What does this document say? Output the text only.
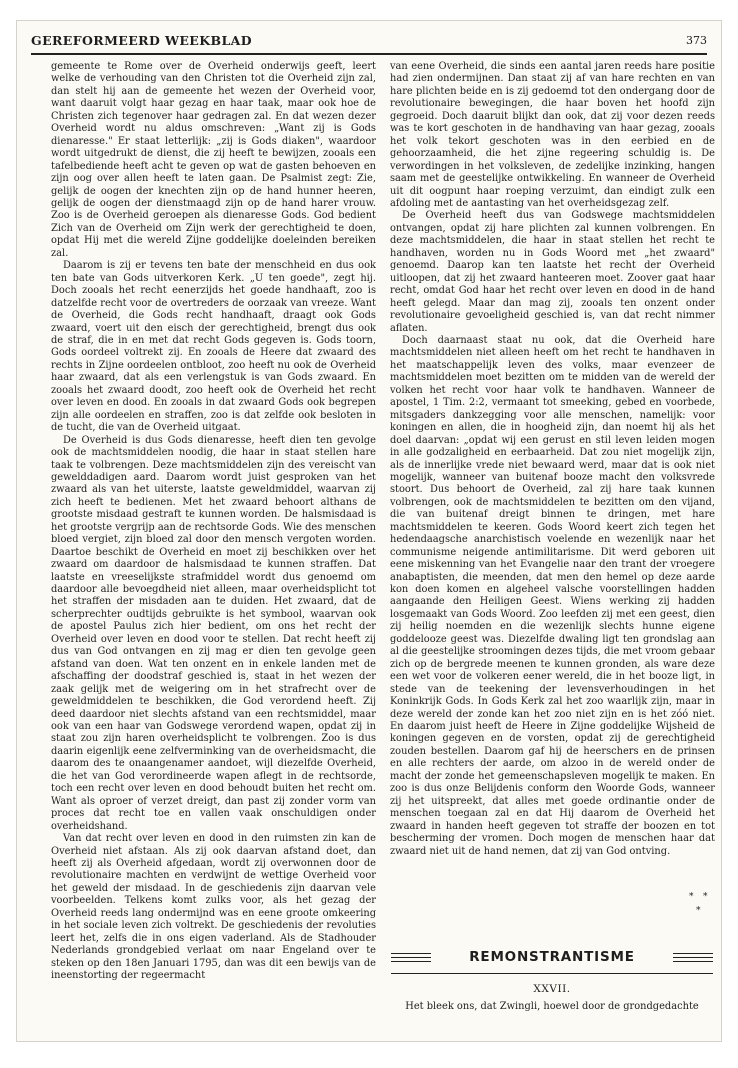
GEREFORMEERD WEEKBLAD	373

gemeente te Rome over de Overheid onderwijs geeft, leert welke de verhouding van den Christen tot die Overheid zijn zal, dan stelt hij aan de gemeente het wezen der Overheid voor, want daaruit volgt haar gezag en haar taak, maar ook hoe de Christen zich tegenover haar gedragen zal. En dat wezen dezer Overheid wordt nu aldus omschreven: „Want zij is Gods dienaresse." Er staat letterlijk: „zij is Gods diaken", waardoor wordt uitgedrukt de dienst, die zij heeft te bewijzen, zooals een tafelbediende heeft acht te geven op wat de gasten behoeven en zijn oog over allen heeft te laten gaan. De Psalmist zegt: Zie, gelijk de oogen der knechten zijn op de hand hunner heeren, gelijk de oogen der dienstmaagd zijn op de hand harer vrouw. Zoo is de Overheid geroepen als dienaresse Gods. God bedient Zich van de Overheid om Zijn werk der gerechtigheid te doen, opdat Hij met die wereld Zijne goddelijke doeleinden bereiken zal.

Daarom is zij er tevens ten bate der menschheid en dus ook ten bate van Gods uitverkoren Kerk. „U ten goede", zegt hij. Doch zooals het recht eenerzijds het goede handhaaft, zoo is datzelfde recht voor de overtreders de oorzaak van vreeze. Want de Overheid, die Gods recht handhaaft, draagt ook Gods zwaard, voert uit den eisch der gerechtigheid, brengt dus ook de straf, die in en met dat recht Gods gegeven is. Gods toorn, Gods oordeel voltrekt zij. En zooals de Heere dat zwaard des rechts in Zijne oordeelen ontbloot, zoo heeft nu ook de Overheid haar zwaard, dat als een verlengstuk is van Gods zwaard. En zooals het zwaard doodt, zoo heeft ook de Overheid het recht over leven en dood. En zooals in dat zwaard Gods ook begrepen zijn alle oordeelen en straffen, zoo is dat zelfde ook besloten in de tucht, die van de Overheid uitgaat.

De Overheid is dus Gods dienaresse, heeft dien ten gevolge ook de machtsmiddelen noodig, die haar in staat stellen hare taak te volbrengen. Deze machtsmiddelen zijn des vereischt van gewelddadigen aard. Daarom wordt juist gesproken van het zwaard als van het uiterste, laatste geweldmiddel, waarvan zij zich heeft te bedienen. Met het zwaard behoort althans de grootste misdaad gestraft te kunnen worden. De halsmisdaad is het grootste vergrijp aan de rechtsorde Gods. Wie des menschen bloed vergiet, zijn bloed zal door den mensch vergoten worden. Daartoe beschikt de Overheid en moet zij beschikken over het zwaard om daardoor de halsmisdaad te kunnen straffen. Dat laatste en vreeselijkste strafmiddel wordt dus genoemd om daardoor alle bevoegdheid niet alleen, maar overheidsplicht tot het straffen der misdaden aan te duiden. Het zwaard, dat de scherprechter oudtijds gebruikte is het symbool, waarvan ook de apostel Paulus zich hier bedient, om ons het recht der Overheid over leven en dood voor te stellen. Dat recht heeft zij dus van God ontvangen en zij mag er dien ten gevolge geen afstand van doen. Wat ten onzent en in enkele landen met de afschaffing der doodstraf geschied is, staat in het wezen der zaak gelijk met de weigering om in het strafrecht over de geweldmiddelen te beschikken, die God verordend heeft. Zij deed daardoor niet slechts afstand van een rechtsmiddel, maar ook van een haar van Godswege verordend wapen, opdat zij in staat zou zijn haren overheidsplicht te volbrengen. Zoo is dus daarin eigenlijk eene zelfverminking van de overheidsmacht, die daarom des te onaangenamer aandoet, wijl diezelfde Overheid, die het van God verordineerde wapen aflegt in de rechtsorde, toch een recht over leven en dood behoudt buiten het recht om. Want als oproer of verzet dreigt, dan past zij zonder vorm van proces dat recht toe en vallen vaak onschuldigen onder overheidshand.

Van dat recht over leven en dood in den ruimsten zin kan de Overheid niet afstaan. Als zij ook daarvan afstand doet, dan heeft zij als Overheid afgedaan, wordt zij overwonnen door de revolutionaire machten en verdwijnt de wettige Overheid voor het geweld der misdaad. In de geschiedenis zijn daarvan vele voorbeelden. Telkens komt zulks voor, als het gezag der Overheid reeds lang ondermijnd was en eene groote omkeering in het sociale leven zich voltrekt. De geschiedenis der revoluties leert het, zelfs die in ons eigen vaderland. Als de Stadhouder Nederlands grondgebied verlaat om naar Engeland over te steken op den 18en Januari 1795, dan was dit een bewijs van de ineenstorting der regeermacht

van eene Overheid, die sinds een aantal jaren reeds hare positie had zien ondermijnen. Dan staat zij af van hare rechten en van hare plichten beide en is zij gedoemd tot den ondergang door de revolutionaire bewegingen, die haar boven het hoofd zijn gegroeid. Doch daaruit blijkt dan ook, dat zij voor dezen reeds was te kort geschoten in de handhaving van haar gezag, zooals het volk tekort geschoten was in den eerbied en de gehoorzaamheid, die het zijne regeering schuldig is. De verwordingen in het volksleven, de zedelijke inzinking, hangen saam met de geestelijke ontwikkeling. En wanneer de Overheid uit dit oogpunt haar roeping verzuimt, dan eindigt zulk een afdoling met de aantasting van het overheidsgezag zelf.

De Overheid heeft dus van Godswege machtsmiddelen ontvangen, opdat zij hare plichten zal kunnen volbrengen. En deze machtsmiddelen, die haar in staat stellen het recht te handhaven, worden nu in Gods Woord met „het zwaard" genoemd. Daarop kan ten laatste het recht der Overheid uitloopen, dat zij het zwaard hanteeren moet. Zoover gaat haar recht, omdat God haar het recht over leven en dood in de hand heeft gelegd. Maar dan mag zij, zooals ten onzent onder revolutionaire gevoeligheid geschied is, van dat recht nimmer aflaten.

Doch daarnaast staat nu ook, dat die Overheid hare machtsmiddelen niet alleen heeft om het recht te handhaven in het maatschappelijk leven des volks, maar evenzeer de machtsmiddelen moet bezitten om te midden van de wereld der volken het recht voor haar volk te handhaven. Wanneer de apostel, 1 Tim. 2:2, vermaant tot smeeking, gebed en voorbede, mitsgaders dankzegging voor alle menschen, namelijk: voor koningen en allen, die in hoogheid zijn, dan noemt hij als het doel daarvan: „opdat wij een gerust en stil leven leiden mogen in alle godzaligheid en eerbaarheid. Dat zou niet mogelijk zijn, als de innerlijke vrede niet bewaard werd, maar dat is ook niet mogelijk, wanneer van buitenaf booze macht den volksvrede stoort. Dus behoort de Overheid, zal zij hare taak kunnen volbrengen, ook de machtsmiddelen te bezitten om den vijand, die van buitenaf dreigt binnen te dringen, met hare machtsmiddelen te keeren. Gods Woord keert zich tegen het hedendaagsche anarchistisch voelende en wezenlijk naar het communisme neigende antimilitarisme. Dit werd geboren uit eene miskenning van het Evangelie naar den trant der vroegere anabaptisten, die meenden, dat men den hemel op deze aarde kon doen komen en algeheel valsche voorstellingen hadden aangaande den Heiligen Geest. Wiens werking zij hadden losgemaakt van Gods Woord. Zoo leefden zij met een geest, dien zij heilig noemden en die wezenlijk slechts hunne eigene goddelooze geest was. Diezelfde dwaling ligt ten grondslag aan al die geestelijke stroomingen dezes tijds, die met vroom gebaar zich op de bergrede meenen te kunnen gronden, als ware deze een wet voor de volkeren eener wereld, die in het booze ligt, in stede van de teekening der levensverhoudingen in het Koninkrijk Gods. In Gods Kerk zal het zoo waarlijk zijn, maar in deze wereld der zonde kan het zoo niet zijn en is het zóó niet. En daarom juist heeft de Heere in Zijne goddelijke Wijsheid de koningen gegeven en de vorsten, opdat zij de gerechtigheid zouden bestellen. Daarom gaf hij de heerschers en de prinsen en alle rechters der aarde, om alzoo in de wereld onder de macht der zonde het gemeenschapsleven mogelijk te maken. En zoo is dus onze Belijdenis conform den Woorde Gods, wanneer zij het uitspreekt, dat alles met goede ordinantie onder de menschen toegaan zal en dat Hij daarom de Overheid het zwaard in handen heeft gegeven tot straffe der boozen en tot bescherming der vromen. Doch mogen de menschen haar dat zwaard niet uit de hand nemen, dat zij van God ontving.

* *
*
REMONSTRANTISME
XXVII.
Het bleek ons, dat Zwingli, hoewel door de grondgedachte
